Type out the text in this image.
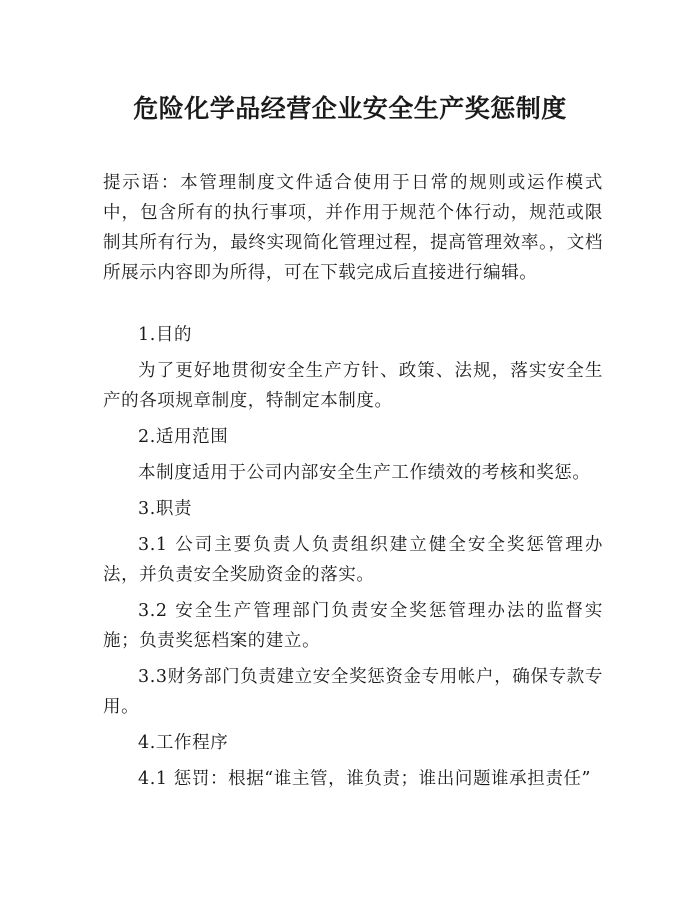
危险化学品经营企业安全生产奖惩制度

提示语：本管理制度文件适合使用于日常的规则或运作模式中，包含所有的执行事项，并作用于规范个体行动，规范或限制其所有行为，最终实现简化管理过程，提高管理效率。，文档所展示内容即为所得，可在下载完成后直接进行编辑。

1.目的

为了更好地贯彻安全生产方针、政策、法规，落实安全生产的各项规章制度，特制定本制度。

2.适用范围

本制度适用于公司内部安全生产工作绩效的考核和奖惩。

3.职责

3.1 公司主要负责人负责组织建立健全安全奖惩管理办法，并负责安全奖励资金的落实。

3.2 安全生产管理部门负责安全奖惩管理办法的监督实施；负责奖惩档案的建立。

3.3财务部门负责建立安全奖惩资金专用帐户，确保专款专用。

4.工作程序

4.1 惩罚：根据“谁主管，谁负责；谁出问题谁承担责任”
